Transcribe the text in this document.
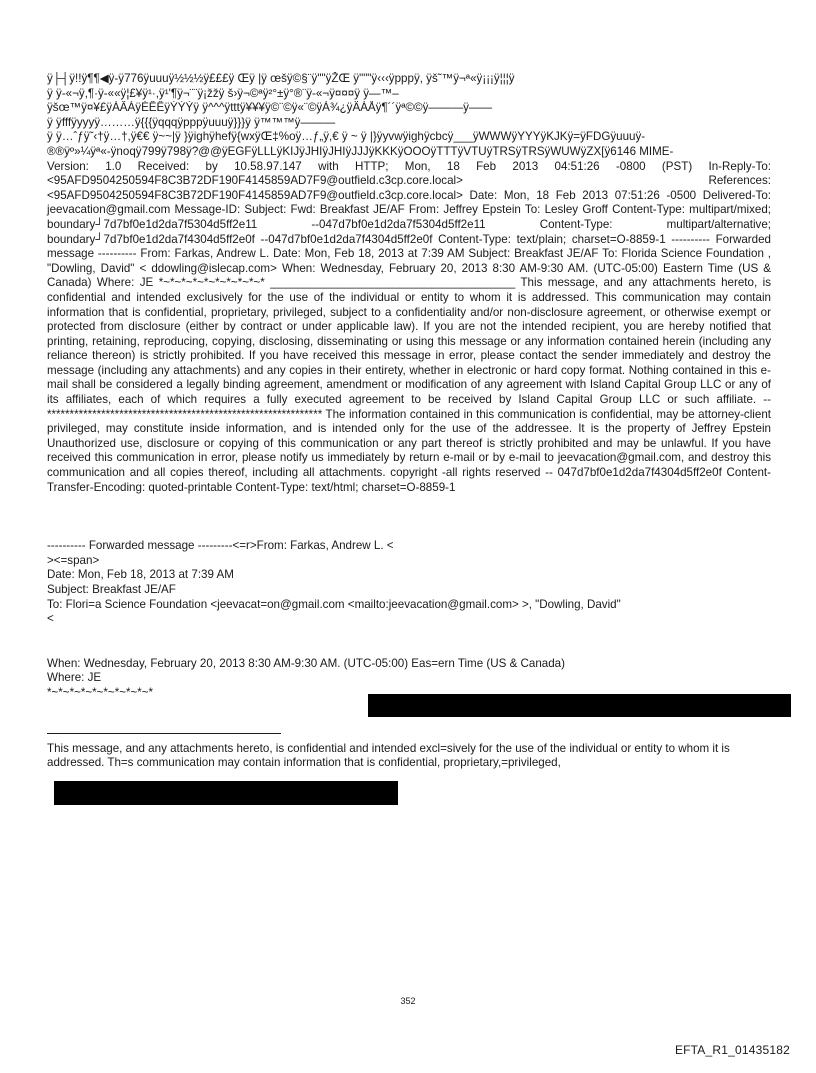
ÿ├┤ÿ!!ÿ¶¶◀ÿ-ÿ776ÿuuuÿ½½½ÿ£££ÿ Œÿ |ÿ œšÿ©§¨ÿ""ÿŽŒ ÿ"""ÿ‹‹‹ÿpppÿ, ÿš˜™ÿ¬ª«ÿ¡¡¡ÿ¦¦¦ÿ

ÿ ÿ-«¬ÿ,¶·ÿ-««ÿ¦£¥ÿ¹·,ÿ¹'¶ÿ¬¨¨ÿ¡žžÿ š›ÿ¬©ªÿ²°±ÿ°®¨ÿ-«¬ÿ¤¤¤ÿ ÿ—™–

ÿšœ™ÿ¤¥£ÿÀÂÁÿÉÊÊÿÝÝÝÿ ÿ^^^ÿtttÿ¥¥¥ÿ©¨©ÿ«¨©ÿÀ¾¿ÿÄÁÅÿ¶´´ÿª©©ÿ———ÿ——

ÿ ÿfffÿyyyÿ………ÿ{{{ÿqqqÿpppÿuuuÿ}}}ÿ ÿ™™™ÿ———

ÿ ÿ…ˆƒÿ˜‹†ÿ…†,ÿ€€ ÿ~~|ÿ }ÿighÿhefÿ{wxÿŒ‡%oÿ…ƒ„ÿ,€ ÿ ~ ÿ |}ÿyvwÿighÿcbcÿ___ÿWWWÿYYYÿKJKÿ=ÿFDGÿuuuÿ-

®®ÿº»¼ÿª«-ÿnoqÿ799ÿ798ÿ?@@ÿEGFÿLLLÿKIJÿJHIÿJHIÿJJJÿKKKÿOOOÿTTTÿVTUÿTRSÿTRSÿWUWÿZX[ÿ6146 MIME-

Version: 1.0 Received: by 10.58.97.147 with HTTP; Mon, 18 Feb 2013 04:51:26 -0800 (PST) In-Reply-To: <95AFD9504250594F8C3B72DF190F4145859AD7F9@outfield.c3cp.core.local> References: <95AFD9504250594F8C3B72DF190F4145859AD7F9@outfield.c3cp.core.local> Date: Mon, 18 Feb 2013 07:51:26 -0500 Delivered-To: jeevacation@gmail.com Message-ID: Subject: Fwd: Breakfast JE/AF From: Jeffrey Epstein To: Lesley Groff Content-Type: multipart/mixed; boundary┘7d7bf0e1d2da7f5304d5ff2e11 --047d7bf0e1d2da7f5304d5ff2e11 Content-Type: multipart/alternative; boundary┘7d7bf0e1d2da7f4304d5ff2e0f --047d7bf0e1d2da7f4304d5ff2e0f Content-Type: text/plain; charset=O-8859-1 ---------- Forwarded message ---------- From: Farkas, Andrew L. Date: Mon, Feb 18, 2013 at 7:39 AM Subject: Breakfast JE/AF To: Florida Science Foundation , "Dowling, David" < ddowling@islecap.com> When: Wednesday, February 20, 2013 8:30 AM-9:30 AM. (UTC-05:00) Eastern Time (US & Canada) Where: JE *~*~*~*~*~*~*~*~*~* ______________________________________ This message, and any attachments hereto, is confidential and intended exclusively for the use of the individual or entity to whom it is addressed. This communication may contain information that is confidential, proprietary, privileged, subject to a confidentiality and/or non-disclosure agreement, or otherwise exempt or protected from disclosure (either by contract or under applicable law). If you are not the intended recipient, you are hereby notified that printing, retaining, reproducing, copying, disclosing, disseminating or using this message or any information contained herein (including any reliance thereon) is strictly prohibited. If you have received this message in error, please contact the sender immediately and destroy the message (including any attachments) and any copies in their entirety, whether in electronic or hard copy format. Nothing contained in this e-mail shall be considered a legally binding agreement, amendment or modification of any agreement with Island Capital Group LLC or any of its affiliates, each of which requires a fully executed agreement to be received by Island Capital Group LLC or such affiliate. -- ************************************************************* The information contained in this communication is confidential, may be attorney-client privileged, may constitute inside information, and is intended only for the use of the addressee. It is the property of Jeffrey Epstein Unauthorized use, disclosure or copying of this communication or any part thereof is strictly prohibited and may be unlawful. If you have received this communication in error, please notify us immediately by return e-mail or by e-mail to jeevacation@gmail.com, and destroy this communication and all copies thereof, including all attachments. copyright -all rights reserved -- 047d7bf0e1d2da7f4304d5ff2e0f Content-Transfer-Encoding: quoted-printable Content-Type: text/html; charset=O-8859-1

---------- Forwarded message ---------<=r>From: Farkas, Andrew L. <

><=span>

Date: Mon, Feb 18, 2013 at 7:39 AM

Subject: Breakfast JE/AF

To: Flori=a Science Foundation <jeevacat=on@gmail.com <mailto:jeevacation@gmail.com> >, "Dowling, David"

<

When: Wednesday, February 20, 2013 8:30 AM-9:30 AM. (UTC-05:00) Eas=ern Time (US & Canada)

Where: JE

*~*~*~*~*~*~*~*~*~*

This message, and any attachments hereto, is confidential and intended excl=sively for the use of the individual or entity to whom it is addressed. Th=s communication may contain information that is confidential, proprietary,=privileged,

352
EFTA_R1_01435182
